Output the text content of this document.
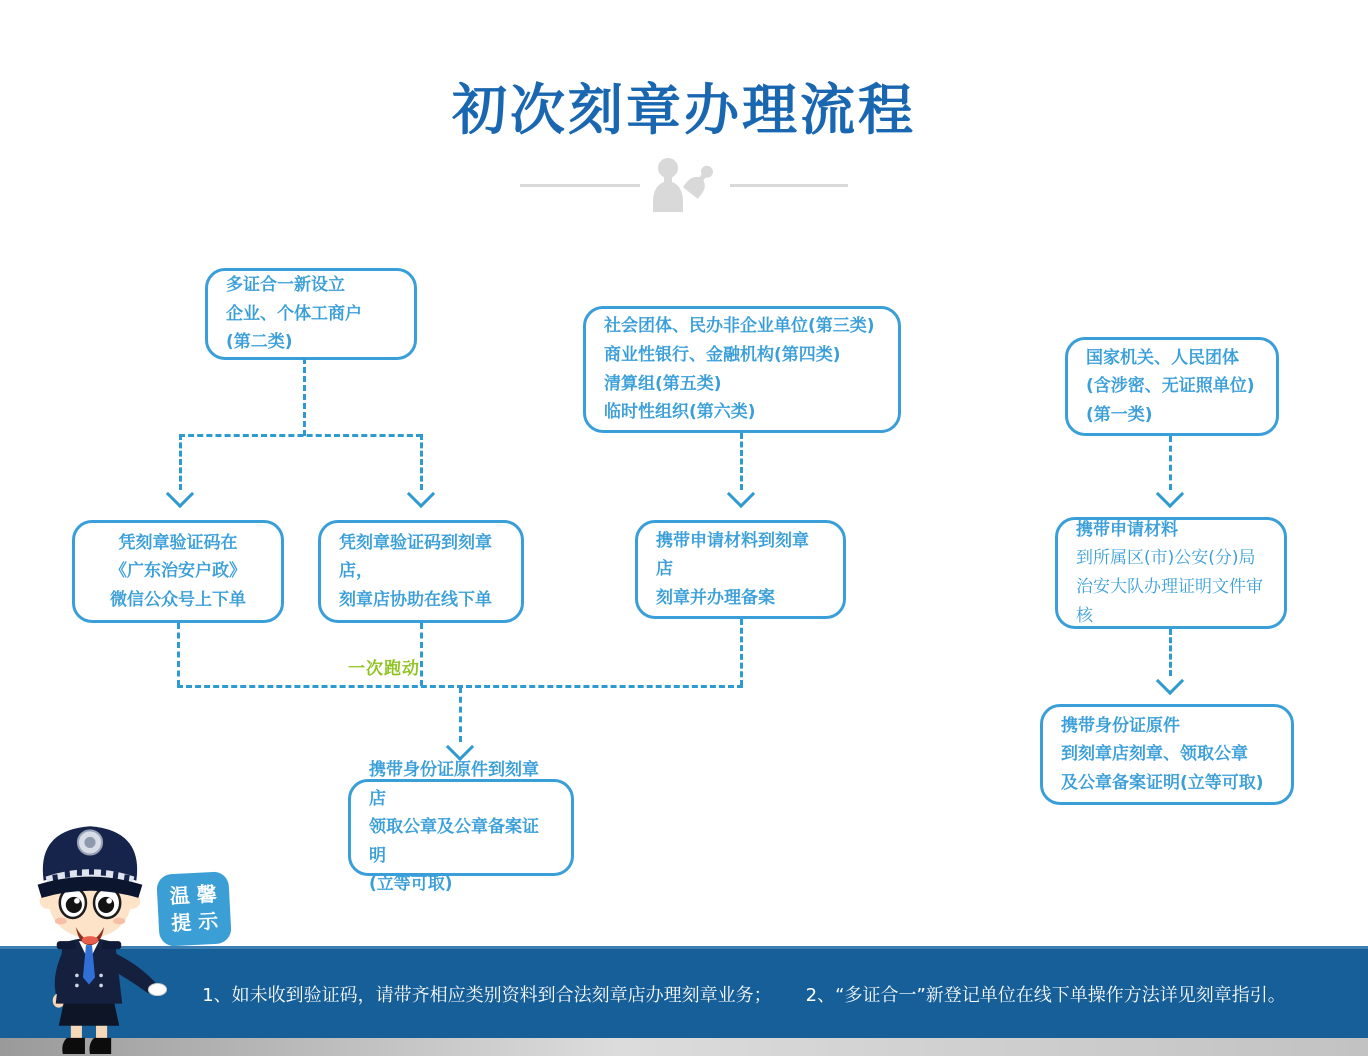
初次刻章办理流程
多证合一新设立
企业、个体工商户
(第二类)
社会团体、民办非企业单位(第三类)
商业性银行、金融机构(第四类)
清算组(第五类)
临时性组织(第六类)
国家机关、人民团体
(含涉密、无证照单位)
(第一类)
凭刻章验证码在
《广东治安户政》
微信公众号上下单
凭刻章验证码到刻章店，
刻章店协助在线下单
携带申请材料到刻章店
刻章并办理备案
携带申请材料
到所属区(市)公安(分)局
治安大队办理证明文件审核
携带身份证原件到刻章店
领取公章及公章备案证明
(立等可取)
携带身份证原件
到刻章店刻章、领取公章
及公章备案证明(立等可取)
一次跑动
1、如未收到验证码，请带齐相应类别资料到合法刻章店办理刻章业务； 2、“多证合一”新登记单位在线下单操作方法详见刻章指引。
温馨
提示
